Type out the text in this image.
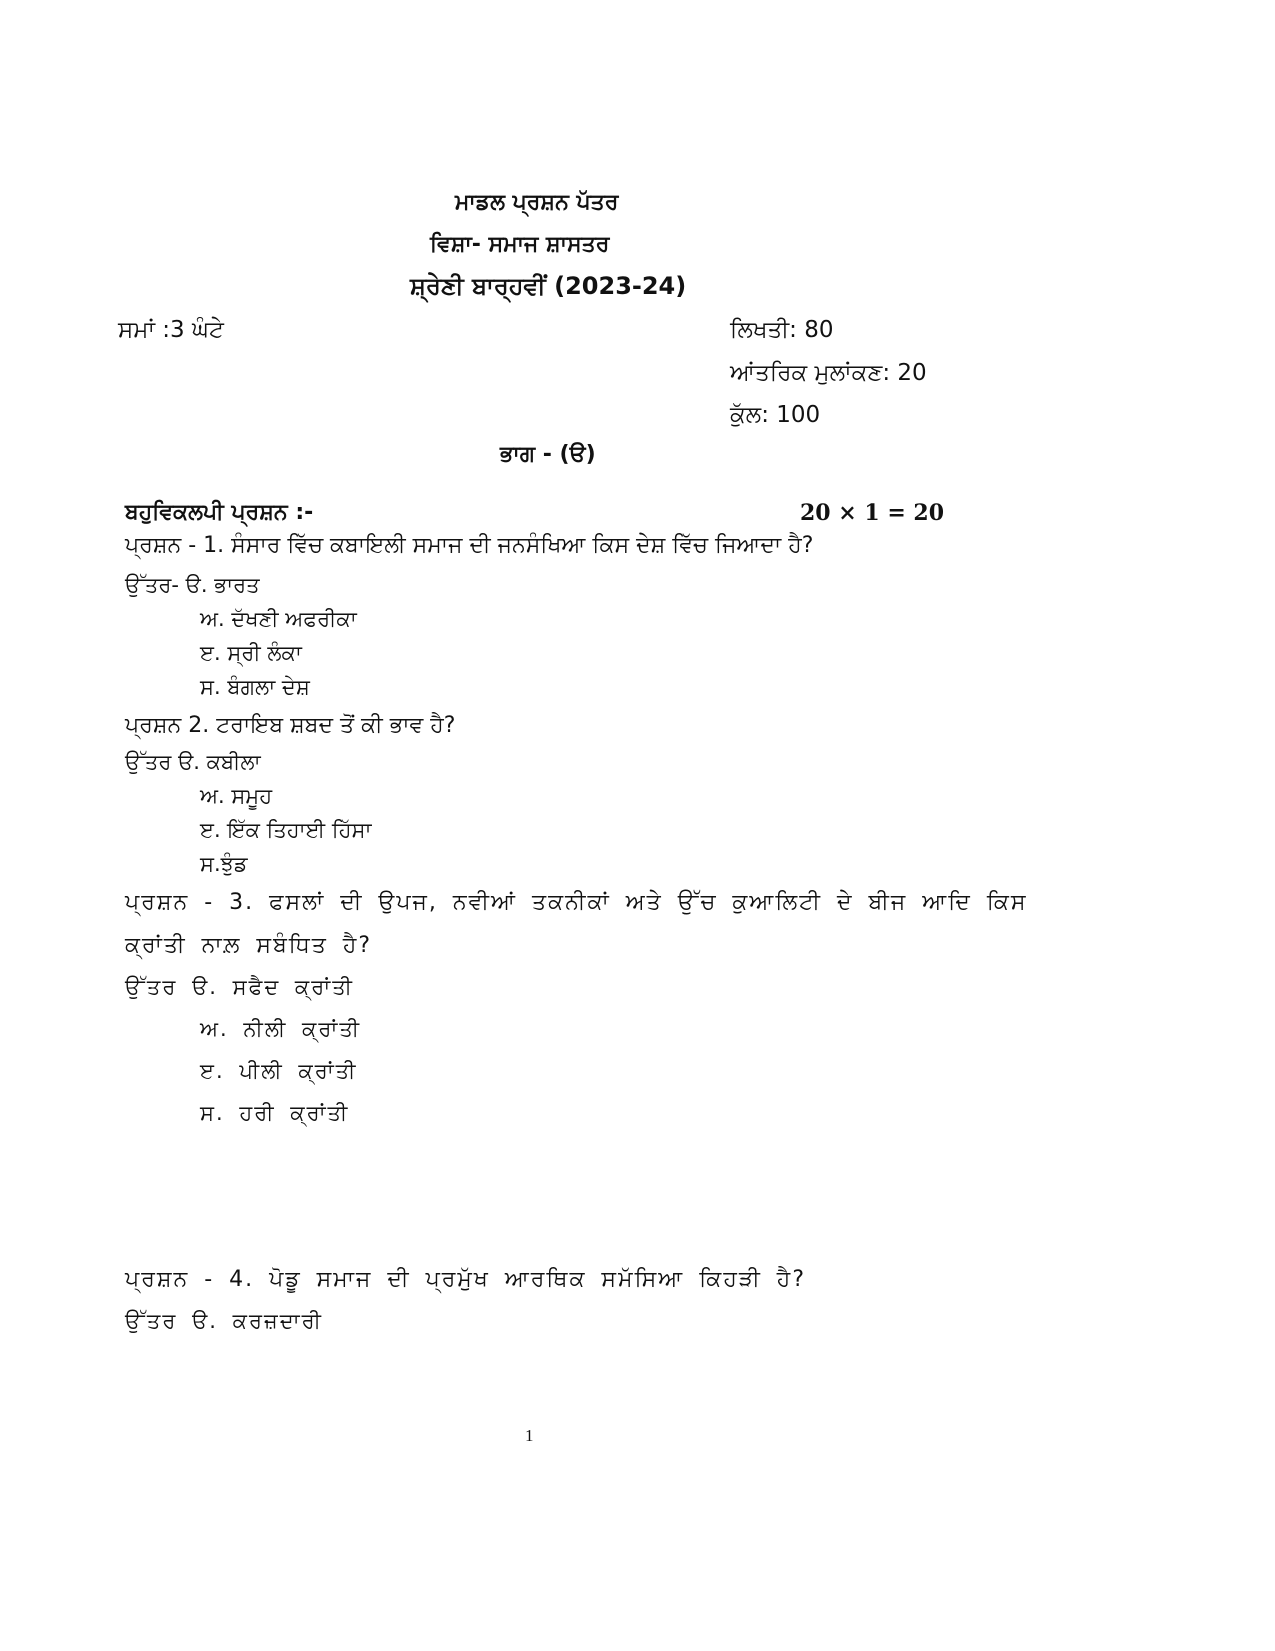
ਮਾਡਲ ਪ੍ਰਸ਼ਨ ਪੱਤਰ
ਵਿਸ਼ਾ- ਸਮਾਜ ਸ਼ਾਸਤਰ
ਸ਼੍ਰੇਣੀ ਬਾਰ੍ਹਵੀਂ (2023-24)
ਸਮਾਂ :3 ਘੰਟੇ	ਲਿਖਤੀ: 80
ਆਂਤਰਿਕ ਮੁਲਾਂਕਣ: 20
ਕੁੱਲ: 100
ਭਾਗ - (ੳ)
ਬਹੁਵਿਕਲਪੀ ਪ੍ਰਸ਼ਨ :-	20 × 1 = 20
ਪ੍ਰਸ਼ਨ - 1. ਸੰਸਾਰ ਵਿੱਚ ਕਬਾਇਲੀ ਸਮਾਜ ਦੀ ਜਨਸੰਖਿਆ ਕਿਸ ਦੇਸ਼ ਵਿੱਚ ਜਿਆਦਾ ਹੈ?
ਉੱਤਰ- ੳ. ਭਾਰਤ
ਅ. ਦੱਖਣੀ ਅਫਰੀਕਾ
ੲ. ਸ੍ਰੀ ਲੰਕਾ
ਸ. ਬੰਗਲਾ ਦੇਸ਼
ਪ੍ਰਸ਼ਨ 2. ਟਰਾਇਬ ਸ਼ਬਦ ਤੋਂ ਕੀ ਭਾਵ ਹੈ?
ਉੱਤਰ ੳ. ਕਬੀਲਾ
ਅ. ਸਮੂਹ
ੲ. ਇੱਕ ਤਿਹਾਈ ਹਿੱਸਾ
ਸ.ਝੁੰਡ
ਪ੍ਰਸ਼ਨ - 3. ਫਸਲਾਂ ਦੀ ਉਪਜ, ਨਵੀਆਂ ਤਕਨੀਕਾਂ ਅਤੇ ਉੱਚ ਕੁਆਲਿਟੀ ਦੇ ਬੀਜ ਆਦਿ ਕਿਸ
ਕ੍ਰਾਂਤੀ ਨਾਲ਼ ਸਬੰਧਿਤ ਹੈ?
ਉੱਤਰ ੳ. ਸਫੈਦ ਕ੍ਰਾਂਤੀ
ਅ. ਨੀਲੀ ਕ੍ਰਾਂਤੀ
ੲ. ਪੀਲੀ ਕ੍ਰਾਂਤੀ
ਸ. ਹਰੀ ਕ੍ਰਾਂਤੀ
ਪ੍ਰਸ਼ਨ - 4. ਪੋਡੂ ਸਮਾਜ ਦੀ ਪ੍ਰਮੁੱਖ ਆਰਥਿਕ ਸਮੱਸਿਆ ਕਿਹੜੀ ਹੈ?
ਉੱਤਰ ੳ. ਕਰਜ਼ਦਾਰੀ
1
